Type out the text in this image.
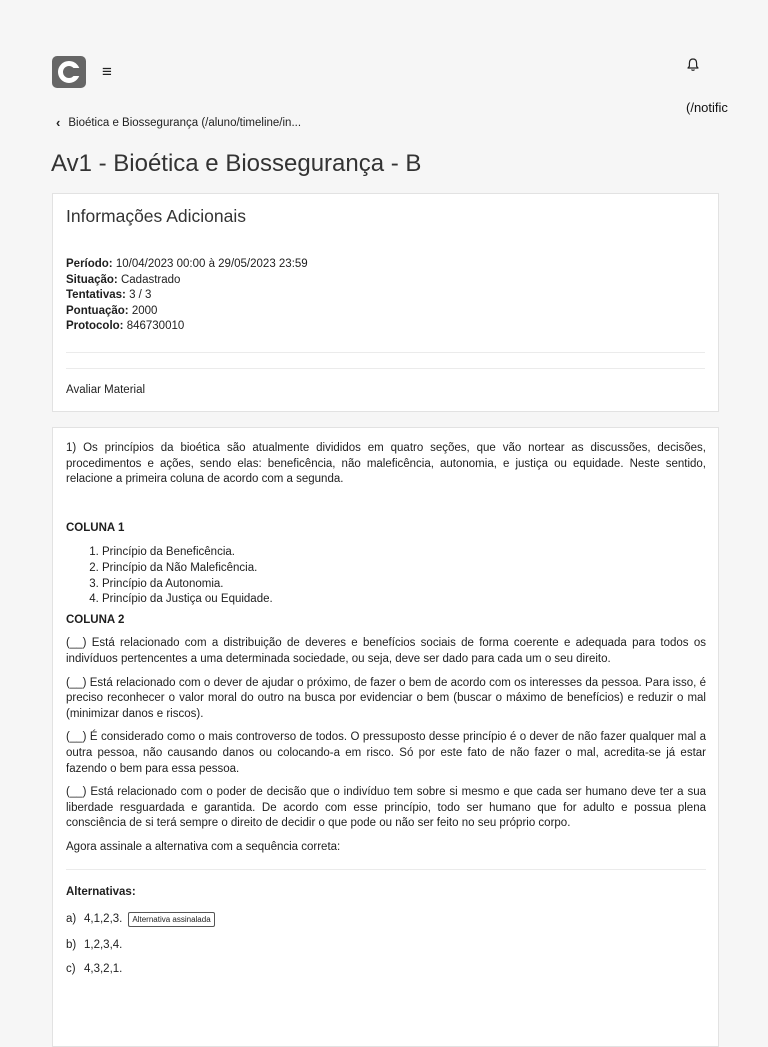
≡
(/notific
‹ Bioética e Biossegurança (/aluno/timeline/in...
Av1 - Bioética e Biossegurança - B
Informações Adicionais
Período: 10/04/2023 00:00 à 29/05/2023 23:59
Situação: Cadastrado
Tentativas: 3 / 3
Pontuação: 2000
Protocolo: 846730010
Avaliar Material

1) Os princípios da bioética são atualmente divididos em quatro seções, que vão nortear as discussões, decisões, procedimentos e ações, sendo elas: beneficência, não maleficência, autonomia, e justiça ou equidade. Neste sentido, relacione a primeira coluna de acordo com a segunda.

COLUNA 1

1. Princípio da Beneficência.
2. Princípio da Não Maleficência.
3. Princípio da Autonomia.
4. Princípio da Justiça ou Equidade.

COLUNA 2

(__) Está relacionado com a distribuição de deveres e benefícios sociais de forma coerente e adequada para todos os indivíduos pertencentes a uma determinada sociedade, ou seja, deve ser dado para cada um o seu direito.

(__) Está relacionado com o dever de ajudar o próximo, de fazer o bem de acordo com os interesses da pessoa. Para isso, é preciso reconhecer o valor moral do outro na busca por evidenciar o bem (buscar o máximo de benefícios) e reduzir o mal (minimizar danos e riscos).

(__) É considerado como o mais controverso de todos. O pressuposto desse princípio é o dever de não fazer qualquer mal a outra pessoa, não causando danos ou colocando-a em risco. Só por este fato de não fazer o mal, acredita-se já estar fazendo o bem para essa pessoa.

(__) Está relacionado com o poder de decisão que o indivíduo tem sobre si mesmo e que cada ser humano deve ter a sua liberdade resguardada e garantida. De acordo com esse princípio, todo ser humano que for adulto e possua plena consciência de si terá sempre o direito de decidir o que pode ou não ser feito no seu próprio corpo.

Agora assinale a alternativa com a sequência correta:

Alternativas:

a) 4,1,2,3.	Alternativa assinalada
b) 1,2,3,4.
c) 4,3,2,1.
